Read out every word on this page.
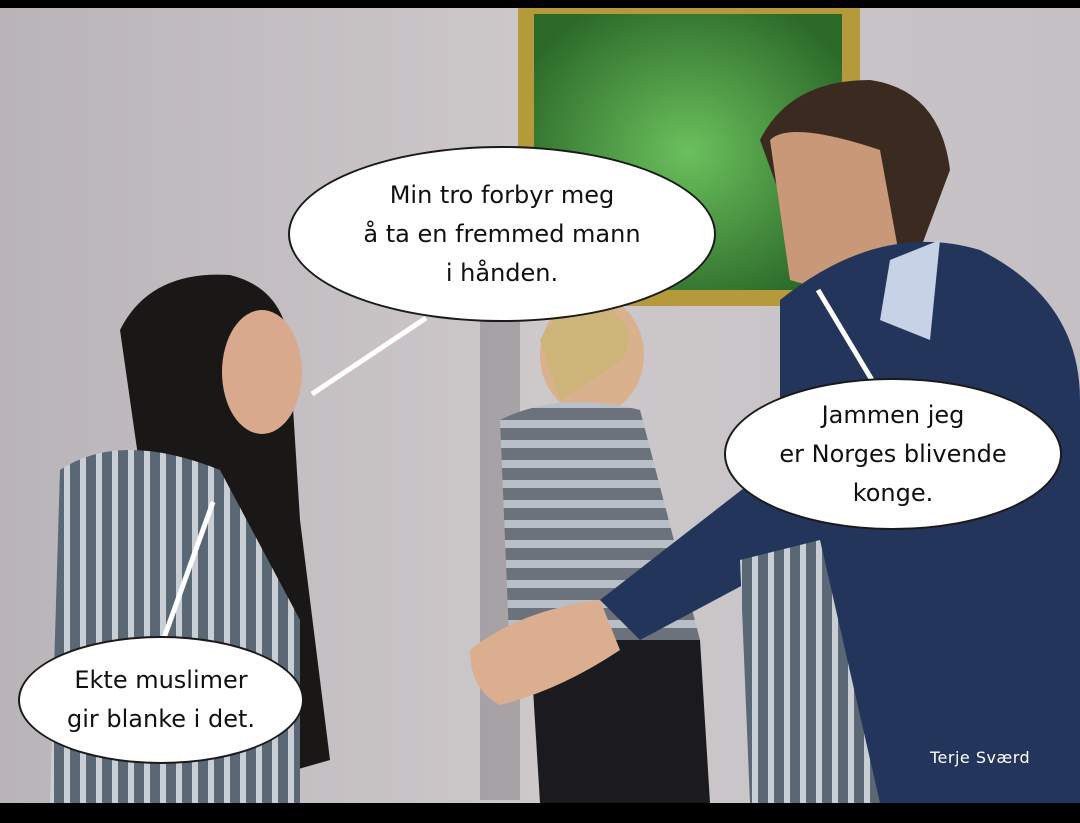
Min tro forbyr meg
å ta en fremmed mann
i hånden.
Jammen jeg
er Norges blivende
konge.
Ekte muslimer
gir blanke i det.
Terje Sværd
